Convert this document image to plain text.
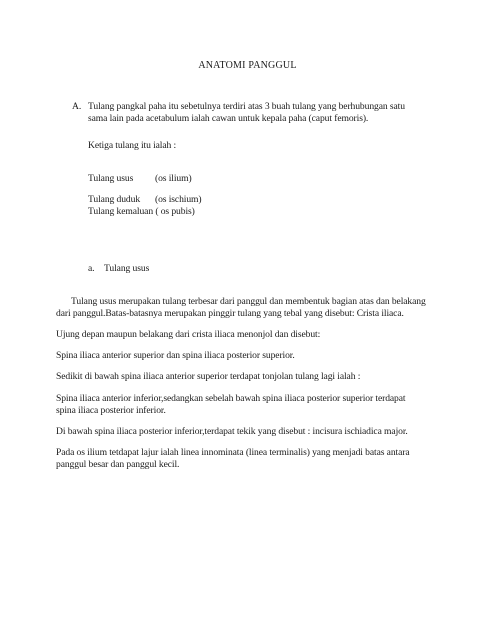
ANATOMI PANGGUL
A. Tulang pangkal paha itu sebetulnya terdiri atas 3 buah tulang yang berhubungan satu
sama lain pada acetabulum ialah cawan untuk kepala paha (caput femoris).
Ketiga tulang itu ialah :
Tulang usus (os ilium)
Tulang duduk (os ischium)
Tulang kemaluan ( os pubis)
a. Tulang usus
Tulang usus merupakan tulang terbesar dari panggul dan membentuk bagian atas dan belakang
dari panggul.Batas-batasnya merupakan pinggir tulang yang tebal yang disebut: Crista iliaca.
Ujung depan maupun belakang dari crista iliaca menonjol dan disebut:
Spina iliaca anterior superior dan spina iliaca posterior superior.
Sedikit di bawah spina iliaca anterior superior terdapat tonjolan tulang lagi ialah :
Spina iliaca anterior inferior,sedangkan sebelah bawah spina iliaca posterior superior terdapat
spina iliaca posterior inferior.
Di bawah spina iliaca posterior inferior,terdapat tekik yang disebut : incisura ischiadica major.
Pada os ilium tetdapat lajur ialah linea innominata (linea terminalis) yang menjadi batas antara
panggul besar dan panggul kecil.
